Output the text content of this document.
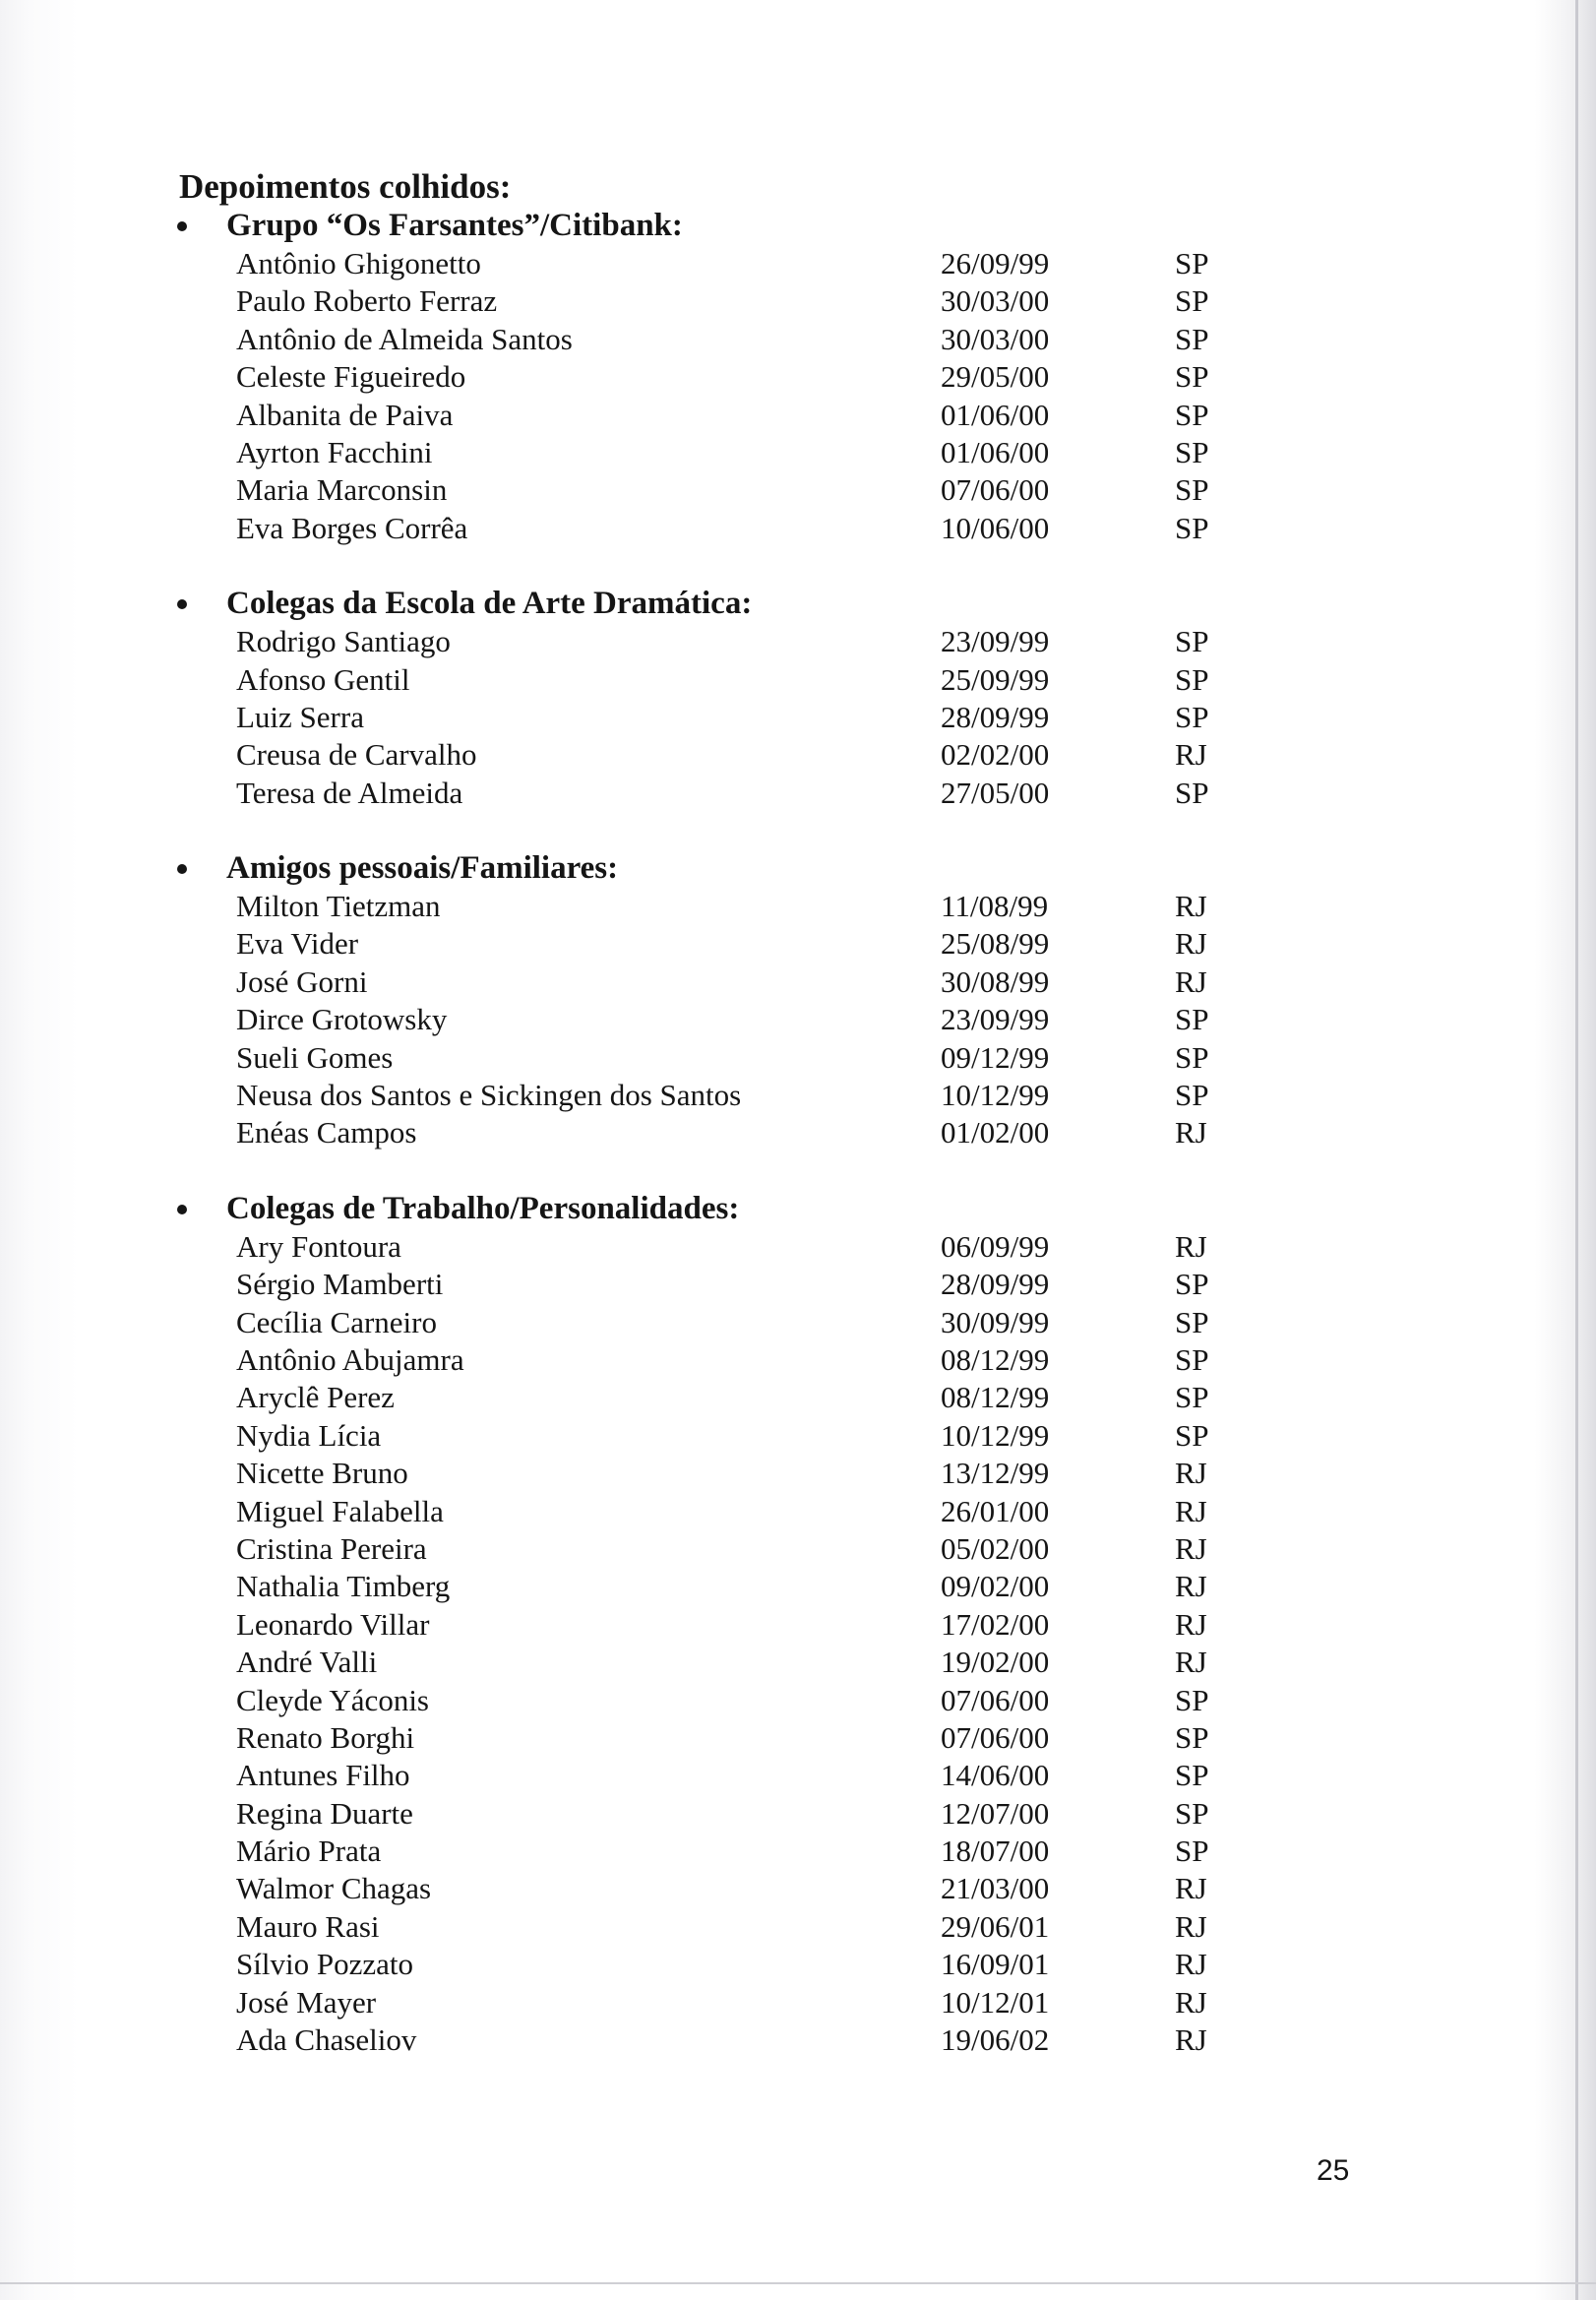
Depoimentos colhidos:
Grupo “Os Farsantes”/Citibank:
Antônio Ghigonetto	26/09/99	SP
Paulo Roberto Ferraz	30/03/00	SP
Antônio de Almeida Santos	30/03/00	SP
Celeste Figueiredo	29/05/00	SP
Albanita de Paiva	01/06/00	SP
Ayrton Facchini	01/06/00	SP
Maria Marconsin	07/06/00	SP
Eva Borges Corrêa	10/06/00	SP
Colegas da Escola de Arte Dramática:
Rodrigo Santiago	23/09/99	SP
Afonso Gentil	25/09/99	SP
Luiz Serra	28/09/99	SP
Creusa de Carvalho	02/02/00	RJ
Teresa de Almeida	27/05/00	SP
Amigos pessoais/Familiares:
Milton Tietzman	11/08/99	RJ
Eva Vider	25/08/99	RJ
José Gorni	30/08/99	RJ
Dirce Grotowsky	23/09/99	SP
Sueli Gomes	09/12/99	SP
Neusa dos Santos e Sickingen dos Santos	10/12/99	SP
Enéas Campos	01/02/00	RJ
Colegas de Trabalho/Personalidades:
Ary Fontoura	06/09/99	RJ
Sérgio Mamberti	28/09/99	SP
Cecília Carneiro	30/09/99	SP
Antônio Abujamra	08/12/99	SP
Aryclê Perez	08/12/99	SP
Nydia Lícia	10/12/99	SP
Nicette Bruno	13/12/99	RJ
Miguel Falabella	26/01/00	RJ
Cristina Pereira	05/02/00	RJ
Nathalia Timberg	09/02/00	RJ
Leonardo Villar	17/02/00	RJ
André Valli	19/02/00	RJ
Cleyde Yáconis	07/06/00	SP
Renato Borghi	07/06/00	SP
Antunes Filho	14/06/00	SP
Regina Duarte	12/07/00	SP
Mário Prata	18/07/00	SP
Walmor Chagas	21/03/00	RJ
Mauro Rasi	29/06/01	RJ
Sílvio Pozzato	16/09/01	RJ
José Mayer	10/12/01	RJ
Ada Chaseliov	19/06/02	RJ
25
